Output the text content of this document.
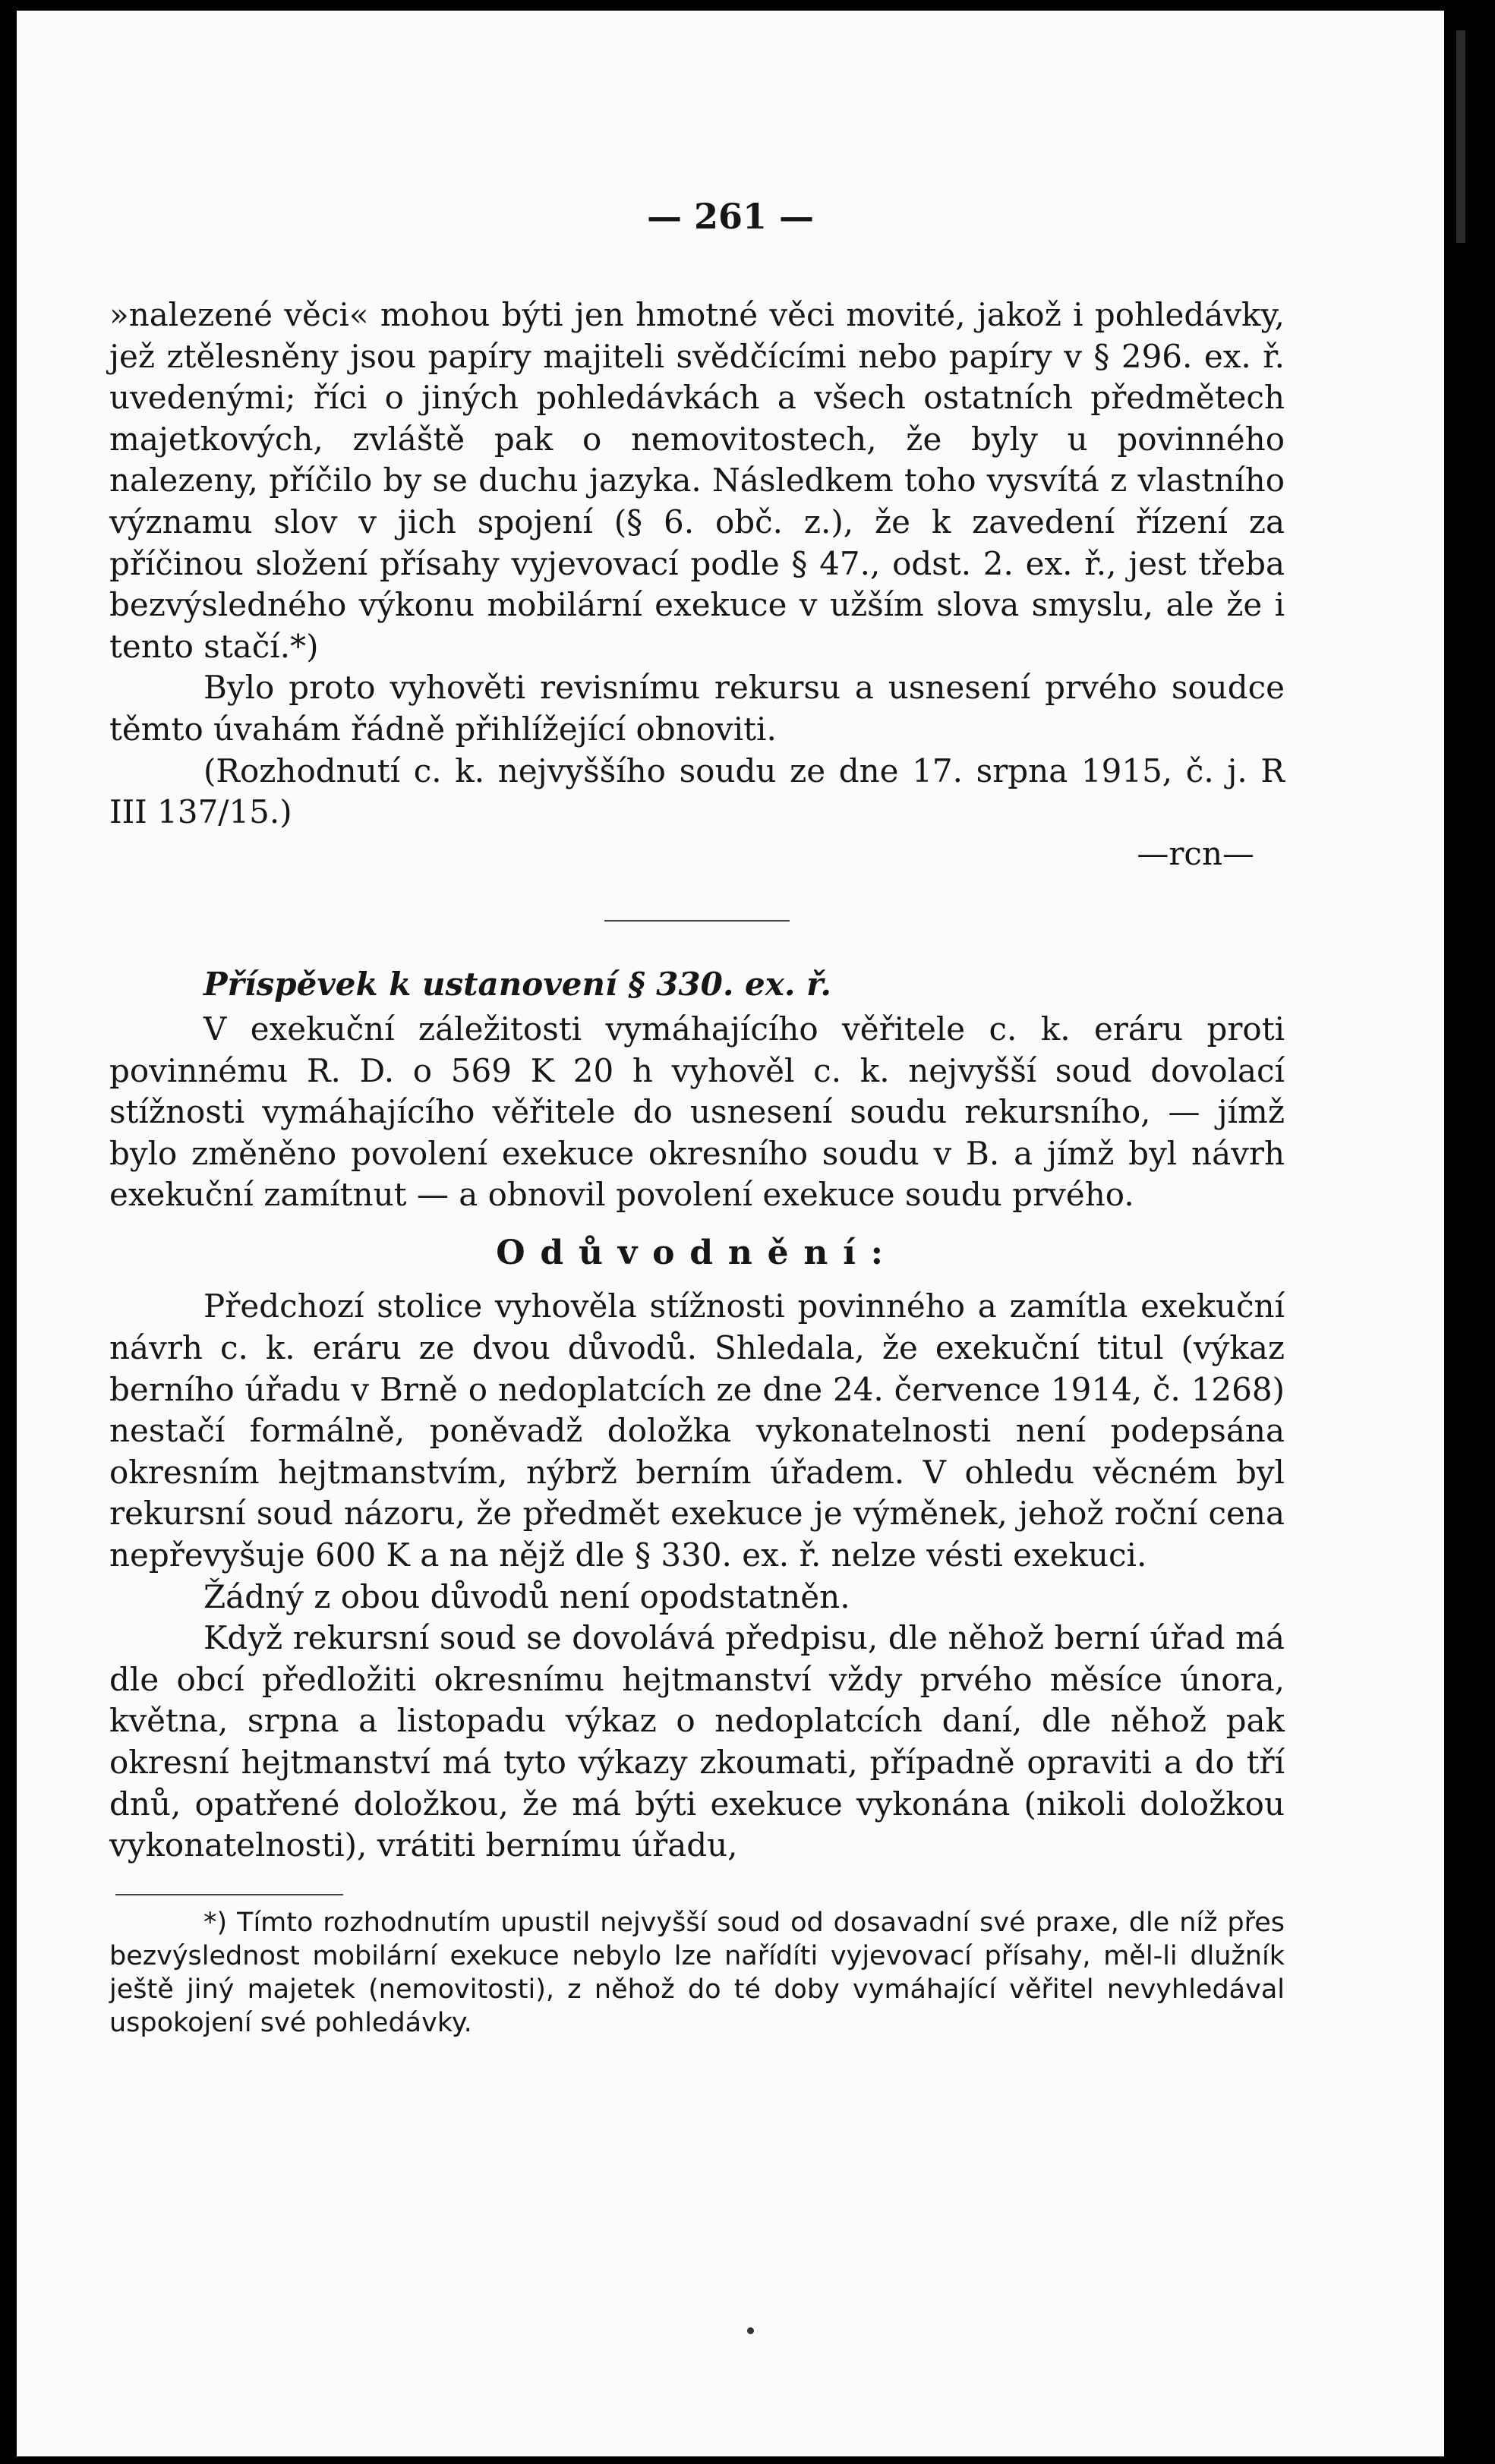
— 261 —

»nalezené věci« mohou býti jen hmotné věci movité, jakož i pohledávky, jež ztělesněny jsou papíry majiteli svědčícími nebo papíry v § 296. ex. ř. uvedenými; říci o jiných pohledávkách a všech ostatních předmětech majetkových, zvláště pak o nemovitostech, že byly u povinného nalezeny, příčilo by se duchu jazyka. Následkem toho vysvítá z vlastního významu slov v jich spojení (§ 6. obč. z.), že k zavedení řízení za příčinou složení přísahy vyjevovací podle § 47., odst. 2. ex. ř., jest třeba bezvýsledného výkonu mobilární exekuce v užším slova smyslu, ale že i tento stačí.*)

Bylo proto vyhověti revisnímu rekursu a usnesení prvého soudce těmto úvahám řádně přihlížející obnoviti.

(Rozhodnutí c. k. nejvyššího soudu ze dne 17. srpna 1915, č. j. R III 137/15.)

—rcn—

Příspěvek k ustanovení § 330. ex. ř.

V exekuční záležitosti vymáhajícího věřitele c. k. eráru proti povinnému R. D. o 569 K 20 h vyhověl c. k. nejvyšší soud dovolací stížnosti vymáhajícího věřitele do usnesení soudu rekursního, — jímž bylo změněno povolení exekuce okresního soudu v B. a jímž byl návrh exekuční zamítnut — a obnovil povolení exekuce soudu prvého.

Odůvodnění:

Předchozí stolice vyhověla stížnosti povinného a zamítla exekuční návrh c. k. eráru ze dvou důvodů. Shledala, že exekuční titul (výkaz berního úřadu v Brně o nedoplatcích ze dne 24. července 1914, č. 1268) nestačí formálně, poněvadž doložka vykonatelnosti není podepsána okresním hejtmanstvím, nýbrž berním úřadem. V ohledu věcném byl rekursní soud názoru, že předmět exekuce je výměnek, jehož roční cena nepřevyšuje 600 K a na nějž dle § 330. ex. ř. nelze vésti exekuci.

Žádný z obou důvodů není opodstatněn.

Když rekursní soud se dovolává předpisu, dle něhož berní úřad má dle obcí předložiti okresnímu hejtmanství vždy prvého měsíce února, května, srpna a listopadu výkaz o nedoplatcích daní, dle něhož pak okresní hejtmanství má tyto výkazy zkoumati, případně opraviti a do tří dnů, opatřené doložkou, že má býti exekuce vykonána (nikoli doložkou vykonatelnosti), vrátiti bernímu úřadu,

*) Tímto rozhodnutím upustil nejvyšší soud od dosavadní své praxe, dle níž přes bezvýslednost mobilární exekuce nebylo lze nařídíti vyjevovací přísahy, měl-li dlužník ještě jiný majetek (nemovitosti), z něhož do té doby vymáhající věřitel nevyhledával uspokojení své pohledávky.
